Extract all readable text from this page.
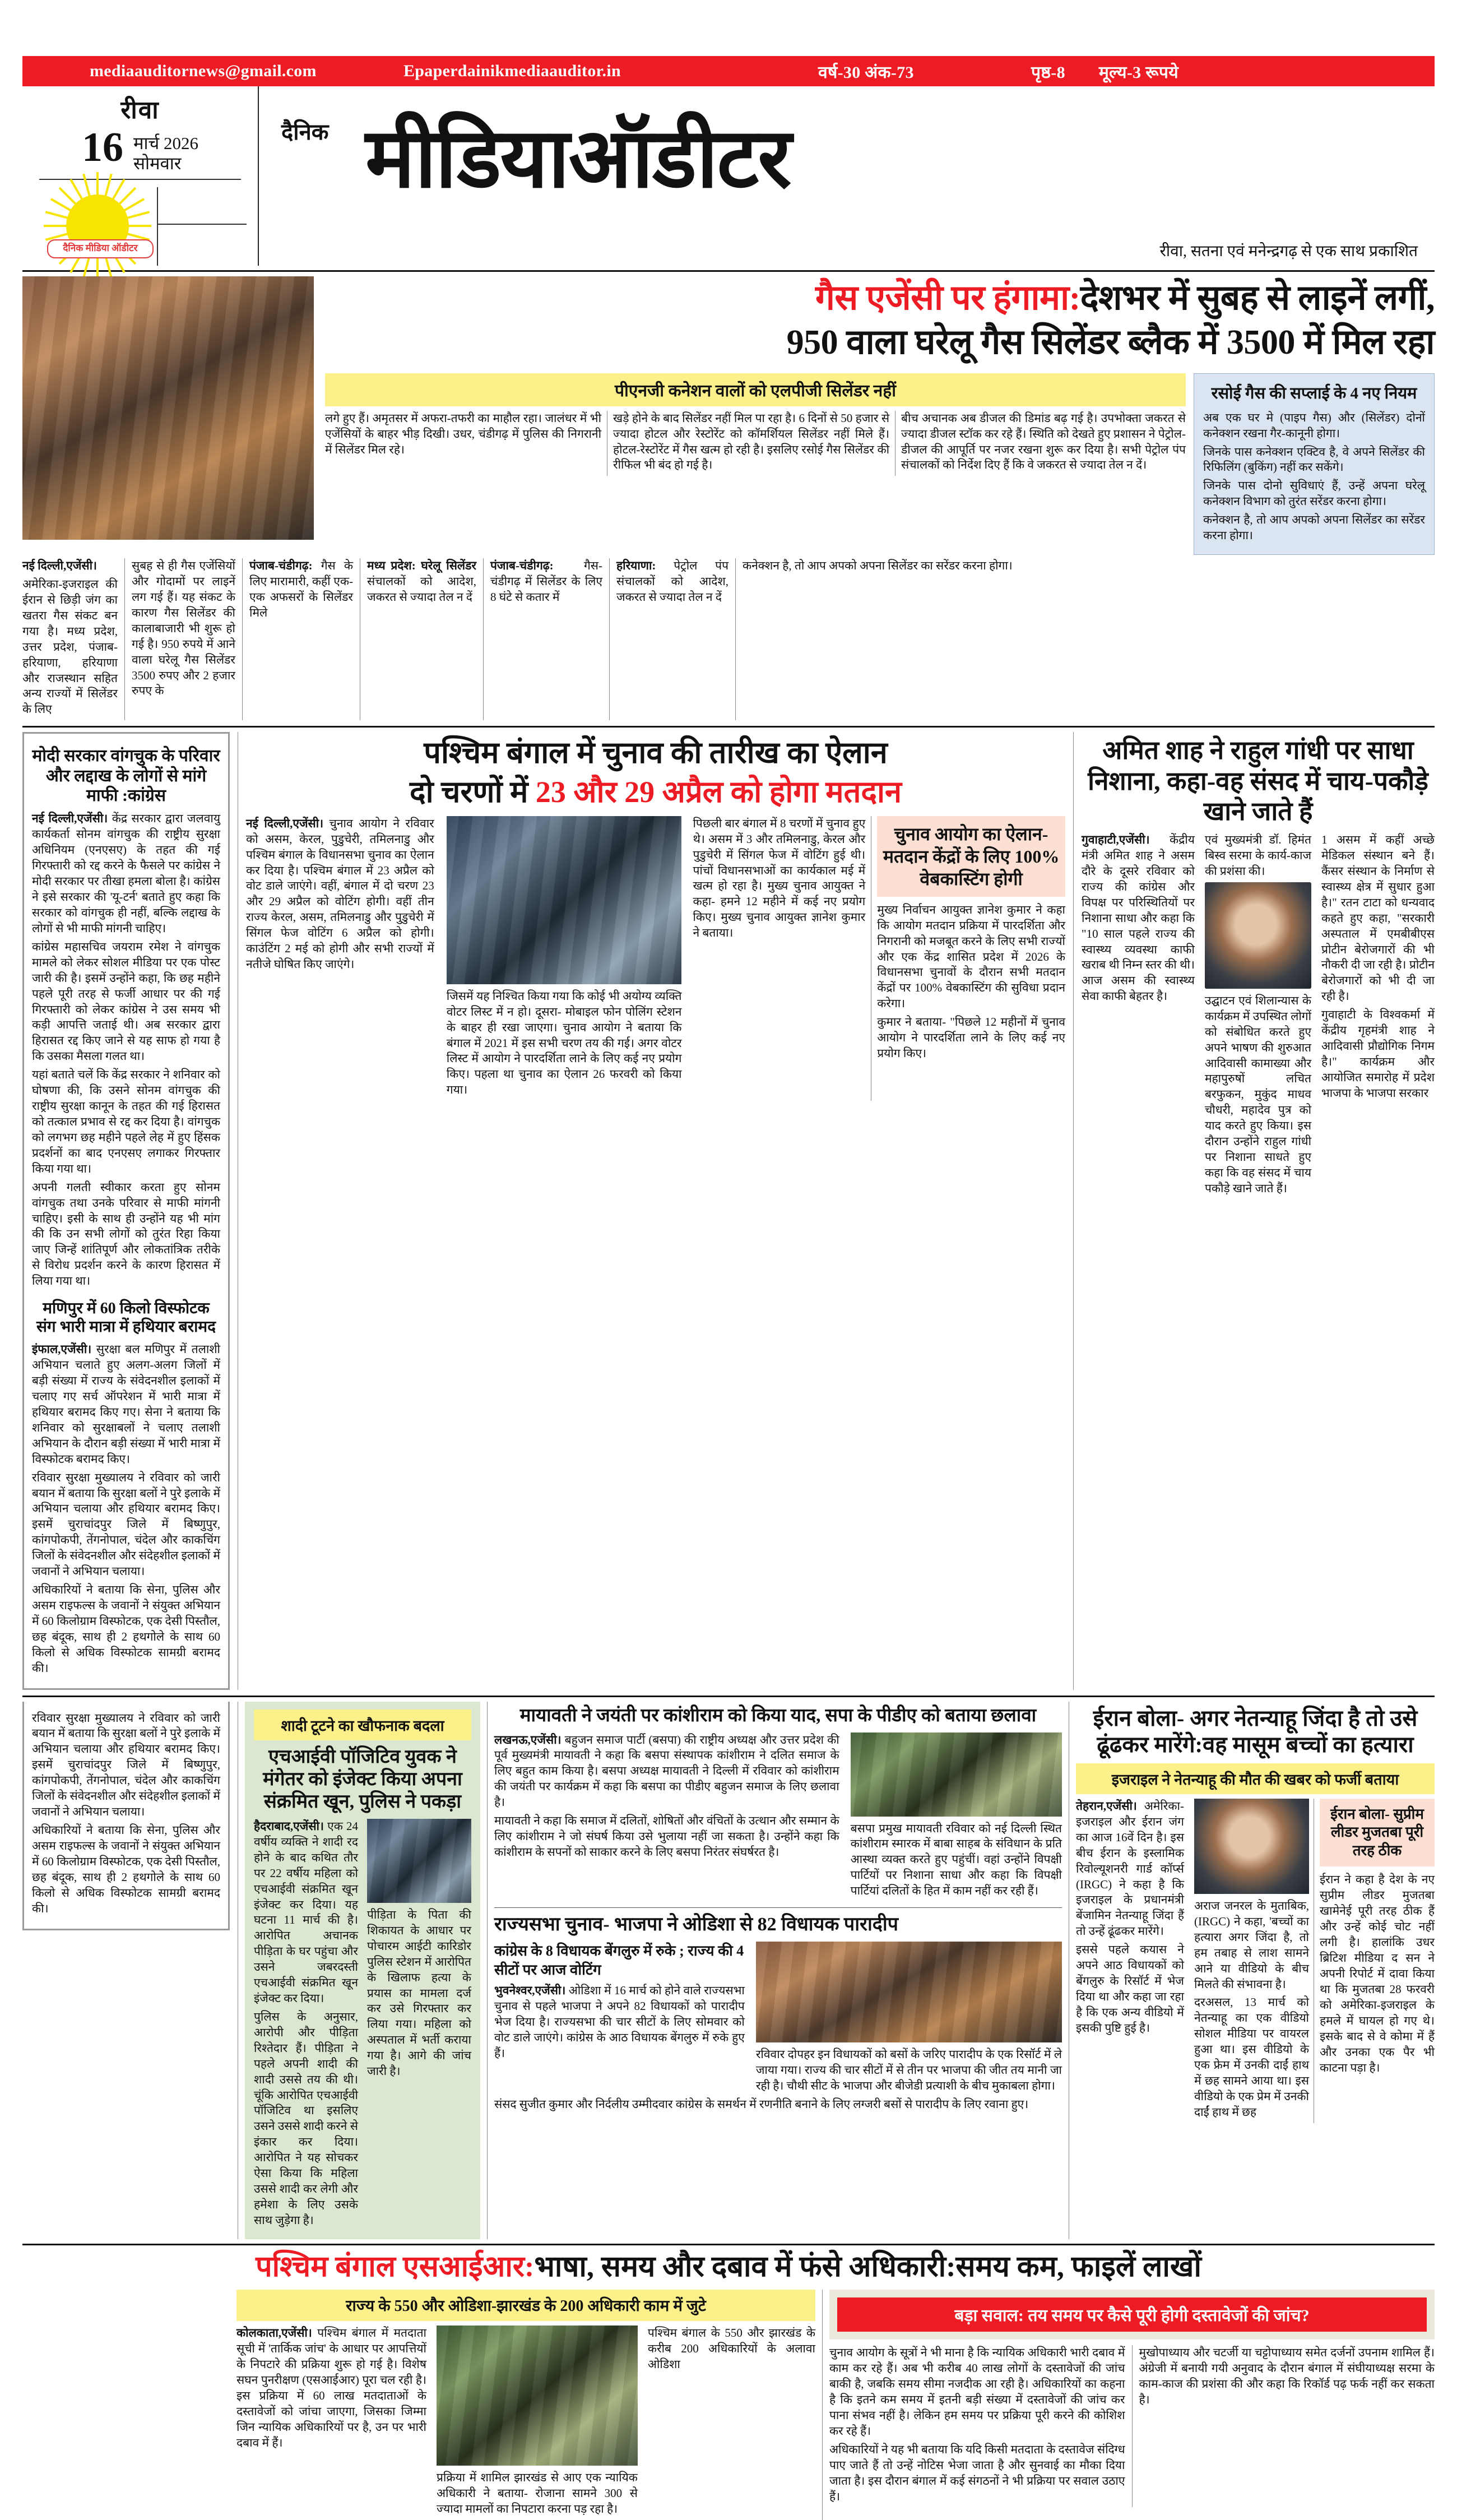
mediaauditornews@gmail.com	Epaperdainikmediaauditor.in	वर्ष-30 अंक-73	पृष्ठ-8 मूल्य-3 रूपये
रीवा
16 मार्च 2026
सोमवार
दैनिक मीडिया ऑडीटर
दैनिक मीडियाऑडीटर
रीवा, सतना एवं मनेन्द्रगढ़ से एक साथ प्रकाशित
गैस एजेंसी पर हंगामा:देशभर में सुबह से लाइनें लगीं,
950 वाला घरेलू गैस सिलेंडर ब्लैक में 3500 में मिल रहा
पीएनजी कनेशन वालों को एलपीजी सिलेंडर नहीं

लगे हुए हैं। अमृतसर में अफरा-तफरी का माहौल रहा। जालंधर में भी एजेंसियों के बाहर भीड़ दिखी। उधर, चंडीगढ़ में पुलिस की निगरानी में सिलेंडर मिल रहे।

खड़े होने के बाद सिलेंडर नहीं मिल पा रहा है। 6 दिनों से 50 हजार से ज्यादा होटल और रेस्टोरेंट को कॉमर्शियल सिलेंडर नहीं मिले हैं। होटल-रेस्टोरेंट में गैस खत्म हो रही है। इसलिए रसोई गैस सिलेंडर की रीफिल भी बंद हो गई है।

बीच अचानक अब डीजल की डिमांड बढ़ गई है। उपभोक्ता जकरत से ज्यादा डीजल स्टॉक कर रहे हैं। स्थिति को देखते हुए प्रशासन ने पेट्रोल-डीजल की आपूर्ति पर नजर रखना शुरू कर दिया है। सभी पेट्रोल पंप संचालकों को निर्देश दिए हैं कि वे जकरत से ज्यादा तेल न दें।

रसोई गैस की सप्लाई के 4 नए नियम

अब एक घर मे (पाइप गैस) और (सिलेंडर) दोनों कनेक्शन रखना गैर-कानूनी होगा।

जिनके पास कनेक्शन एक्टिव है, वे अपने सिलेंडर की रिफिलिंग (बुकिंग) नहीं कर सकेंगे।

जिनके पास दोनो सुविधाएं हैं, उन्हें अपना घरेलू कनेक्शन विभाग को तुरंत सरेंडर करना होगा।

कनेक्शन है, तो आप अपको अपना सिलेंडर का सरेंडर करना होगा।

नई दिल्ली,एजेंसी।

अमेरिका-इजराइल की ईरान से छिड़ी जंग का खतरा गैस संकट बन गया है। मध्य प्रदेश, उत्तर प्रदेश, पंजाब-हरियाणा, हरियाणा और राजस्थान सहित अन्य राज्यों में सिलेंडर के लिए

सुबह से ही गैस एजेंसियों और गोदामों पर लाइनें लग गई हैं। यह संकट के कारण गैस सिलेंडर की कालाबाजारी भी शुरू हो गई है। 950 रुपये में आने वाला घरेलू गैस सिलेंडर 3500 रुपए और 2 हजार रुपए के

पंजाब-चंडीगढ़: गैस के लिए मारामारी, कहीं एक-एक अफसरों के सिलेंडर मिले

मध्य प्रदेश: घरेलू सिलेंडर संचालकों को आदेश, जकरत से ज्यादा तेल न दें

पंजाब-चंडीगढ़:	गैस-चंडीगढ़ में सिलेंडर के लिए 8 घंटे से कतार में

हरियाणा: पेट्रोल पंप संचालकों को आदेश, जकरत से ज्यादा तेल न दें

कनेक्शन है, तो आप अपको अपना सिलेंडर का सरेंडर करना होगा।

मोदी सरकार वांगचुक के परिवार और लद्दाख के लोगों से मांगे माफी :कांग्रेस

नई दिल्ली,एजेंसी। केंद्र सरकार द्वारा जलवायु कार्यकर्ता सोनम वांगचुक की राष्ट्रीय सुरक्षा अधिनियम (एनएसए) के तहत की गई गिरफ्तारी को रद्द करने के फैसले पर कांग्रेस ने मोदी सरकार पर तीखा हमला बोला है। कांग्रेस ने इसे सरकार की 'यू-टर्न' बताते हुए कहा कि सरकार को वांगचुक ही नहीं, बल्कि लद्दाख के लोगों से भी माफी मांगनी चाहिए।

कांग्रेस महासचिव जयराम रमेश ने वांगचुक मामले को लेकर सोशल मीडिया पर एक पोस्ट जारी की है। इसमें उन्होंने कहा, कि छह महीने पहले पूरी तरह से फर्जी आधार पर की गई गिरफ्तारी को लेकर कांग्रेस ने उस समय भी कड़ी आपत्ति जताई थी। अब सरकार द्वारा हिरासत रद्द किए जाने से यह साफ हो गया है कि उसका मैसला गलत था।

यहां बताते चलें कि केंद्र सरकार ने शनिवार को घोषणा की, कि उसने सोनम वांगचुक की राष्ट्रीय सुरक्षा कानून के तहत की गई हिरासत को तत्काल प्रभाव से रद्द कर दिया है। वांगचुक को लगभग छह महीने पहले लेह में हुए हिंसक प्रदर्शनों का बाद एनएसए लगाकर गिरफ्तार किया गया था।

अपनी गलती स्वीकार करता हुए सोनम वांगचुक तथा उनके परिवार से माफी मांगनी चाहिए। इसी के साथ ही उन्होंने यह भी मांग की कि उन सभी लोगों को तुरंत रिहा किया जाए जिन्हें शांतिपूर्ण और लोकतांत्रिक तरीके से विरोध प्रदर्शन करने के कारण हिरासत में लिया गया था।

मणिपुर में 60 किलो विस्फोटक संग भारी मात्रा में हथियार बरामद

इंफाल,एजेंसी। सुरक्षा बल मणिपुर में तलाशी अभियान चलाते हुए अलग-अलग जिलों में बड़ी संख्या में राज्य के संवेदनशील इलाकों में चलाए गए सर्च ऑपरेशन में भारी मात्रा में हथियार बरामद किए गए। सेना ने बताया कि शनिवार को सुरक्षाबलों ने चलाए तलाशी अभियान के दौरान बड़ी संख्या में भारी मात्रा में विस्फोटक बरामद किए।

रविवार सुरक्षा मुख्यालय ने रविवार को जारी बयान में बताया कि सुरक्षा बलों ने पुरे इलाके में अभियान चलाया और हथियार बरामद किए। इसमें चुराचांदपुर जिले में बिष्णुपुर, कांगपोकपी, तेंगनोपाल, चंदेल और काकचिंग जिलों के संवेदनशील और संदेहशील इलाकों में जवानों ने अभियान चलाया।

अधिकारियों ने बताया कि सेना, पुलिस और असम राइफल्स के जवानों ने संयुक्त अभियान में 60 किलोग्राम विस्फोटक, एक देसी पिस्तौल, छह बंदूक, साथ ही 2 हथगोले के साथ 60 किलो से अधिक विस्फोटक सामग्री बरामद की।

पश्चिम बंगाल में चुनाव की तारीख का ऐलान
दो चरणों में 23 और 29 अप्रैल को होगा मतदान

नई दिल्ली,एजेंसी। चुनाव आयोग ने रविवार को असम, केरल, पुडुचेरी, तमिलनाडु और पश्चिम बंगाल के विधानसभा चुनाव का ऐलान कर दिया है। पश्चिम बंगाल में 23 अप्रैल को वोट डाले जाएंगे। वहीं, बंगाल में दो चरण 23 और 29 अप्रैल को वोटिंग होगी। वहीं तीन राज्य केरल, असम, तमिलनाडु और पुडुचेरी में सिंगल फेज वोटिंग 6 अप्रैल को होगी। काउंटिंग 2 मई को होगी और सभी राज्यों में नतीजे घोषित किए जाएंगे।

जिसमें यह निश्चित किया गया कि कोई भी अयोग्य व्यक्ति वोटर लिस्ट में न हो। दूसरा- मोबाइल फोन पोलिंग स्टेशन के बाहर ही रखा जाएगा। चुनाव आयोग ने बताया कि बंगाल में 2021 में इस सभी चरण तय की गई। अगर वोटर लिस्ट में आयोग ने पारदर्शिता लाने के लिए कई नए प्रयोग किए। पहला था चुनाव का ऐलान 26 फरवरी को किया गया।

पिछली बार बंगाल में 8 चरणों में चुनाव हुए थे। असम में 3 और तमिलनाडु, केरल और पुडुचेरी में सिंगल फेज में वोटिंग हुई थी। पांचों विधानसभाओं का कार्यकाल मई में खत्म हो रहा है। मुख्य चुनाव आयुक्त ने कहा- हमने 12 महीने में कई नए प्रयोग किए। मुख्य चुनाव आयुक्त ज्ञानेश कुमार ने बताया।

चुनाव आयोग का ऐलान- मतदान केंद्रों के लिए 100% वेबकास्टिंग होगी

मुख्य निर्वाचन आयुक्त ज्ञानेश कुमार ने कहा कि आयोग मतदान प्रक्रिया में पारदर्शिता और निगरानी को मजबूत करने के लिए सभी राज्यों और एक केंद्र शासित प्रदेश में 2026 के विधानसभा चुनावों के दौरान सभी मतदान केंद्रों पर 100% वेबकास्टिंग की सुविधा प्रदान करेगा।

कुमार ने बताया- "पिछले 12 महीनों में चुनाव आयोग ने पारदर्शिता लाने के लिए कई नए प्रयोग किए।

अमित शाह ने राहुल गांधी पर साधा निशाना, कहा-वह संसद में चाय-पकौड़े खाने जाते हैं

गुवाहाटी,एजेंसी। केंद्रीय मंत्री अमित शाह ने असम दौरे के दूसरे रविवार को राज्य की कांग्रेस और विपक्ष पर परिस्थितियों पर निशाना साधा और कहा कि "10 साल पहले राज्य की स्वास्थ्य व्यवस्था काफी खराब थी निम्न स्तर की थी। आज असम की स्वास्थ्य सेवा काफी बेहतर है।

एवं मुख्यमंत्री डॉ. हिमंत बिस्व सरमा के कार्य-काज की प्रशंसा की।

उद्घाटन एवं शिलान्यास के कार्यक्रम में उपस्थित लोगों को संबोधित करते हुए अपने भाषण की शुरुआत आदिवासी कामाख्या और महापुरुषों लचित बरफुकन, मुकुंद माधव चौधरी, महादेव पुत्र को याद करते हुए किया। इस दौरान उन्होंने राहुल गांधी पर निशाना साधते हुए कहा कि वह संसद में चाय पकौड़े खाने जाते हैं।

1 असम में कहीं अच्छे मेडिकल संस्थान बने हैं। कैंसर संस्थान के निर्माण से स्वास्थ्य क्षेत्र में सुधार हुआ है।" रतन टाटा को धन्यवाद कहते हुए कहा, "सरकारी अस्पताल में एमबीबीएस प्रोटीन बेरोजगारों की भी नौकरी दी जा रही है। प्रोटीन बेरोजगारों को भी दी जा रही है।

गुवाहाटी के विश्वकर्मा में केंद्रीय गृहमंत्री शाह ने आदिवासी प्रौद्योगिक निगम है।" कार्यक्रम और आयोजित समारोह में प्रदेश भाजपा के भाजपा सरकार

रविवार सुरक्षा मुख्यालय ने रविवार को जारी बयान में बताया कि सुरक्षा बलों ने पुरे इलाके में अभियान चलाया और हथियार बरामद किए। इसमें चुराचांदपुर जिले में बिष्णुपुर, कांगपोकपी, तेंगनोपाल, चंदेल और काकचिंग जिलों के संवेदनशील और संदेहशील इलाकों में जवानों ने अभियान चलाया।

अधिकारियों ने बताया कि सेना, पुलिस और असम राइफल्स के जवानों ने संयुक्त अभियान में 60 किलोग्राम विस्फोटक, एक देसी पिस्तौल, छह बंदूक, साथ ही 2 हथगोले के साथ 60 किलो से अधिक विस्फोटक सामग्री बरामद की।

शादी टूटने का खौफनाक बदला
एचआईवी पॉजिटिव युवक ने मंगेतर को इंजेक्ट किया अपना संक्रमित खून, पुलिस ने पकड़ा

हैदराबाद,एजेंसी। एक 24 वर्षीय व्यक्ति ने शादी रद होने के बाद कथित तौर पर 22 वर्षीय महिला को एचआईवी संक्रमित खून इंजेक्ट कर दिया। यह घटना 11 मार्च की है। आरोपित अचानक पीड़िता के घर पहुंचा और उसने जबरदस्ती एचआईवी संक्रमित खून इंजेक्ट कर दिया।

पुलिस के अनुसार, आरोपी और पीड़िता रिश्तेदार हैं। पीड़िता ने पहले अपनी शादी की शादी उससे तय की थी। चूंकि आरोपित एचआईवी पॉजिटिव था इसलिए उसने उससे शादी करने से इंकार कर दिया। आरोपित ने यह सोचकर ऐसा किया कि महिला उससे शादी कर लेगी और हमेशा के लिए उसके साथ जुड़ेगा है।

पीड़िता के पिता की शिकायत के आधार पर पोचारम आईटी कारिडोर पुलिस स्टेशन में आरोपित के खिलाफ हत्या के प्रयास का मामला दर्ज कर उसे गिरफ्तार कर लिया गया। महिला को अस्पताल में भर्ती कराया गया है। आगे की जांच जारी है।

मायावती ने जयंती पर कांशीराम को किया याद, सपा के पीडीए को बताया छलावा

लखनऊ,एजेंसी। बहुजन समाज पार्टी (बसपा) की राष्ट्रीय अध्यक्ष और उत्तर प्रदेश की पूर्व मुख्यमंत्री मायावती ने कहा कि बसपा संस्थापक कांशीराम ने दलित समाज के लिए बहुत काम किया है। बसपा अध्यक्ष मायावती ने दिल्ली में रविवार को कांशीराम की जयंती पर कार्यक्रम में कहा कि बसपा का पीडीए बहुजन समाज के लिए छलावा है।

मायावती ने कहा कि समाज में दलितों, शोषितों और वंचितों के उत्थान और सम्मान के लिए कांशीराम ने जो संघर्ष किया उसे भुलाया नहीं जा सकता है। उन्होंने कहा कि कांशीराम के सपनों को साकार करने के लिए बसपा निरंतर संघर्षरत है।

बसपा प्रमुख मायावती रविवार को नई दिल्ली स्थित कांशीराम स्मारक में बाबा साहब के संविधान के प्रति आस्था व्यक्त करते हुए पहुंचीं। वहां उन्होंने विपक्षी पार्टियों पर निशाना साधा और कहा कि विपक्षी पार्टियां दलितों के हित में काम नहीं कर रही हैं।

राज्यसभा चुनाव- भाजपा ने ओडिशा से 82 विधायक पारादीप
कांग्रेस के 8 विधायक बेंगलुरु में रुके ; राज्य की 4 सीटों पर आज वोटिंग

भुवनेश्वर,एजेंसी। ओडिशा में 16 मार्च को होने वाले राज्यसभा चुनाव से पहले भाजपा ने अपने 82 विधायकों को पारादीप भेज दिया है। राज्यसभा की चार सीटों के लिए सोमवार को वोट डाले जाएंगे। कांग्रेस के आठ विधायक बेंगलुरु में रुके हुए हैं।	रविवार दोपहर इन विधायकों को बसों के जरिए पारादीप के एक रिसॉर्ट में ले जाया गया। राज्य की चार सीटों में से तीन पर भाजपा की जीत तय मानी जा रही है। चौथी सीट के भाजपा और बीजेडी प्रत्याशी के बीच मुकाबला होगा।

संसद सुजीत कुमार और निर्दलीय उम्मीदवार कांग्रेस के समर्थन में रणनीति बनाने के लिए लग्जरी बसों से पारादीप के लिए रवाना हुए।

ईरान बोला- अगर नेतन्याहू जिंदा है तो उसे ढूंढकर मारेंगे:वह मासूम बच्चों का हत्यारा
इजराइल ने नेतन्याहू की मौत की खबर को फर्जी बताया

तेहरान,एजेंसी। अमेरिका-इजराइल और ईरान जंग का आज 16वें दिन है। इस बीच ईरान के इस्लामिक रिवोल्यूशनरी गार्ड कॉर्प्स (IRGC) ने कहा है कि इजराइल के प्रधानमंत्री बेंजामिन नेतन्याहू जिंदा हैं तो उन्हें ढूंढकर मारेंगे।

इससे पहले कयास ने अपने आठ विधायकों को बेंगलुरु के रिसॉर्ट में भेज दिया था और कहा जा रहा है कि एक अन्य वीडियो में इसकी पुष्टि हुई है।

अराज जनरल के मुताबिक, (IRGC) ने कहा, 'बच्चों का हत्यारा अगर जिंदा है, तो हम तबाह से लाश सामने आने या वीडियो के बीच मिलते की संभावना है।

दरअसल, 13 मार्च को नेतन्याहू का एक वीडियो सोशल मीडिया पर वायरल हुआ था। इस वीडियो के एक फ्रेम में उनकी दाईं हाथ में छह सामने आया था। इस वीडियो के एक प्रेम में उनकी दाईं हाथ में छह

ईरान बोला- सुप्रीम लीडर मुजतबा पूरी तरह ठीक

ईरान ने कहा है देश के नए सुप्रीम लीडर मुजतबा खामेनेई पूरी तरह ठीक हैं और उन्हें कोई चोट नहीं लगी है। हालांकि उधर ब्रिटिश मीडिया द सन ने अपनी रिपोर्ट में दावा किया था कि मुजतबा 28 फरवरी को अमेरिका-इजराइल के हमले में घायल हो गए थे। इसके बाद से वे कोमा में हैं और उनका एक पैर भी काटना पड़ा है।

पश्चिम बंगाल एसआईआर:भाषा, समय और दबाव में फंसे अधिकारी:समय कम, फाइलें लाखों
राज्य के 550 और ओडिशा-झारखंड के 200 अधिकारी काम में जुटे

कोलकाता,एजेंसी। पश्चिम बंगाल में मतदाता सूची में 'तार्किक जांच' के आधार पर आपत्तियों के निपटारे की प्रक्रिया शुरू हो गई है। विशेष सघन पुनरीक्षण (एसआईआर) पूरा चल रही है। इस प्रक्रिया में 60 लाख मतदाताओं के दस्तावेजों को जांचा जाएगा, जिसका जिम्मा जिन न्यायिक अधिकारियों पर है, उन पर भारी दबाव में हैं।

प्रक्रिया में शामिल झारखंड से आए एक न्यायिक अधिकारी ने बताया- रोजाना सामने 300 से ज्यादा मामलों का निपटारा करना पड़ रहा है।

पश्चिम बंगाल के 550 और झारखंड के करीब 200 अधिकारियों के अलावा ओडिशा

बड़ा सवाल: तय समय पर कैसे पूरी होगी दस्तावेजों की जांच?

चुनाव आयोग के सूत्रों ने भी माना है कि न्यायिक अधिकारी भारी दबाव में काम कर रहे हैं। अब भी करीब 40 लाख लोगों के दस्तावेजों की जांच बाकी है, जबकि समय सीमा नजदीक आ रही है। अधिकारियों का कहना है कि इतने कम समय में इतनी बड़ी संख्या में दस्तावेजों की जांच कर पाना संभव नहीं है। लेकिन हम समय पर प्रक्रिया पूरी करने की कोशिश कर रहे हैं।

अधिकारियों ने यह भी बताया कि यदि किसी मतदाता के दस्तावेज संदिग्ध पाए जाते हैं तो उन्हें नोटिस भेजा जाता है और सुनवाई का मौका दिया जाता है। इस दौरान बंगाल में कई संगठनों ने भी प्रक्रिया पर सवाल उठाए हैं।

मुखोपाध्याय और चटर्जी या चट्टोपाध्याय समेत दर्जनों उपनाम शामिल हैं। अंग्रेजी में बनायी गयी अनुवाद के दौरान बंगाल में संघीयाध्यक्ष सरमा के काम-काज की प्रशंसा की और कहा कि रिकॉर्ड पढ़ फर्क नहीं कर सकता है।
